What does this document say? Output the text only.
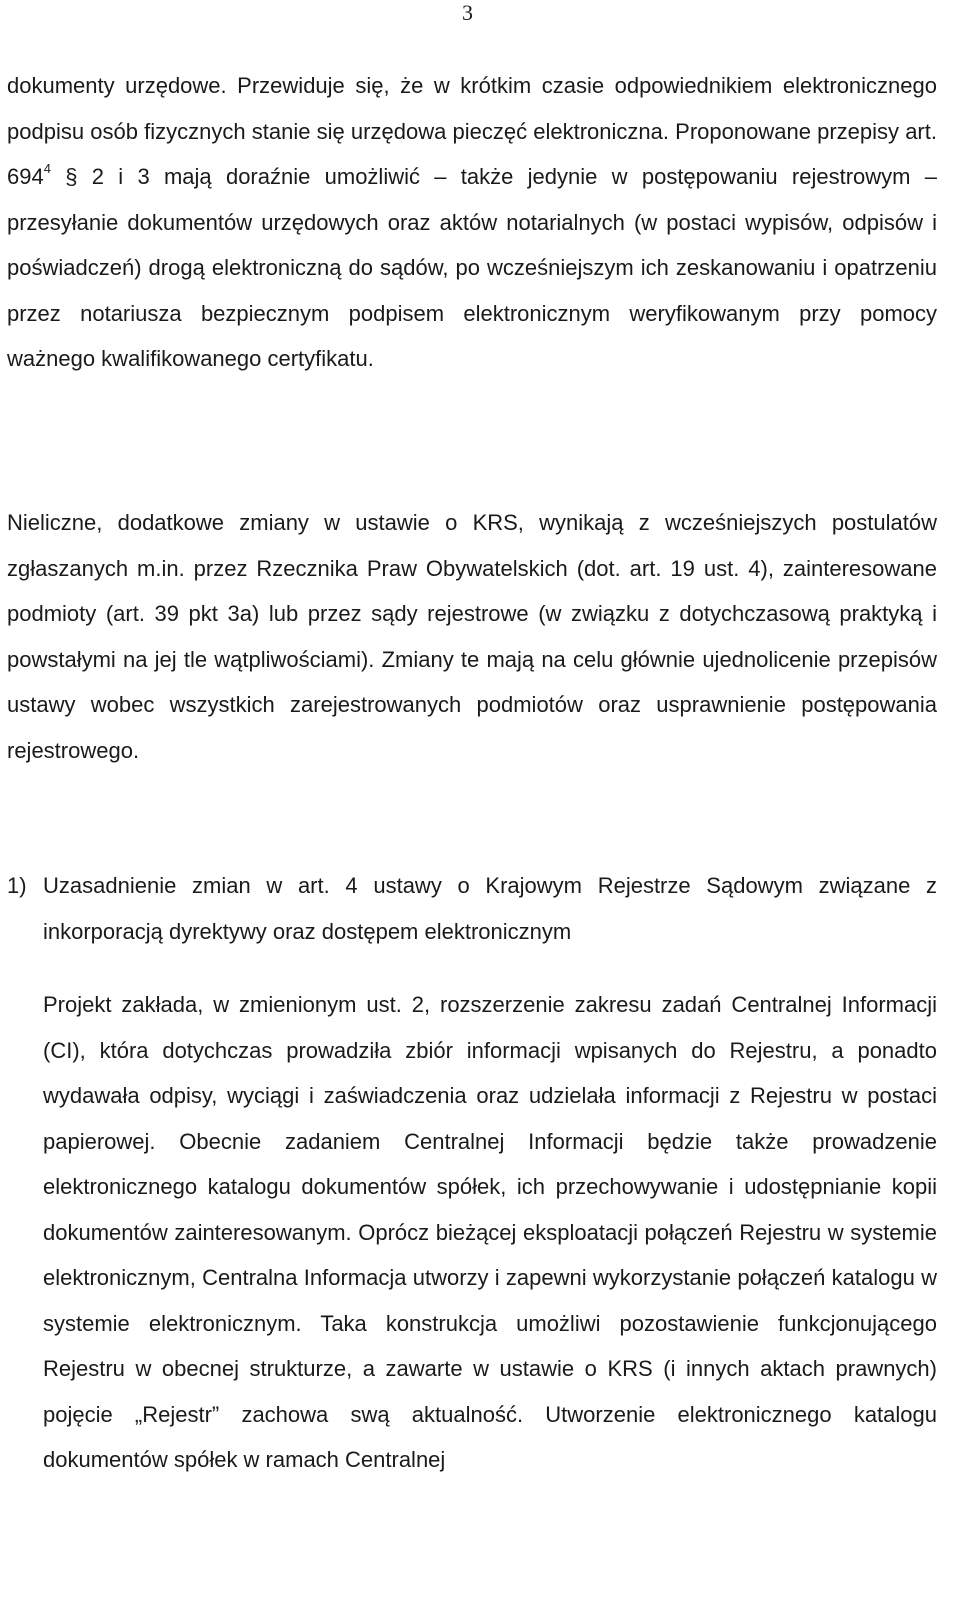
3

dokumenty urzędowe. Przewiduje się, że w krótkim czasie odpowiednikiem elektronicznego podpisu osób fizycznych stanie się urzędowa pieczęć elektroniczna. Proponowane przepisy art. $694^4$ § 2 i 3 mają doraźnie umożliwić – także jedynie w postępowaniu rejestrowym – przesyłanie dokumentów urzędowych oraz aktów notarialnych (w postaci wypisów, odpisów i poświadczeń) drogą elektroniczną do sądów, po wcześniejszym ich zeskanowaniu i opatrzeniu przez notariusza bezpiecznym podpisem elektronicznym weryfikowanym przy pomocy ważnego kwalifikowanego certyfikatu.

Nieliczne, dodatkowe zmiany w ustawie o KRS, wynikają z wcześniejszych postulatów zgłaszanych m.in. przez Rzecznika Praw Obywatelskich (dot. art. 19 ust. 4), zainteresowane podmioty (art. 39 pkt 3a) lub przez sądy rejestrowe (w związku z dotychczasową praktyką i powstałymi na jej tle wątpliwościami). Zmiany te mają na celu głównie ujednolicenie przepisów ustawy wobec wszystkich zarejestrowanych podmiotów oraz usprawnienie postępowania rejestrowego.

1) Uzasadnienie zmian w art. 4 ustawy o Krajowym Rejestrze Sądowym związane z inkorporacją dyrektywy oraz dostępem elektronicznym

Projekt zakłada, w zmienionym ust. 2, rozszerzenie zakresu zadań Centralnej Informacji (CI), która dotychczas prowadziła zbiór informacji wpisanych do Rejestru, a ponadto wydawała odpisy, wyciągi i zaświadczenia oraz udzielała informacji z Rejestru w postaci papierowej. Obecnie zadaniem Centralnej Informacji będzie także prowadzenie elektronicznego katalogu dokumentów spółek, ich przechowywanie i udostępnianie kopii dokumentów zainteresowanym. Oprócz bieżącej eksploatacji połączeń Rejestru w systemie elektronicznym, Centralna Informacja utworzy i zapewni wykorzystanie połączeń katalogu w systemie elektronicznym. Taka konstrukcja umożliwi pozostawienie funkcjonującego Rejestru w obecnej strukturze, a zawarte w ustawie o KRS (i innych aktach prawnych) pojęcie „Rejestr” zachowa swą aktualność. Utworzenie elektronicznego katalogu dokumentów spółek w ramach Centralnej
